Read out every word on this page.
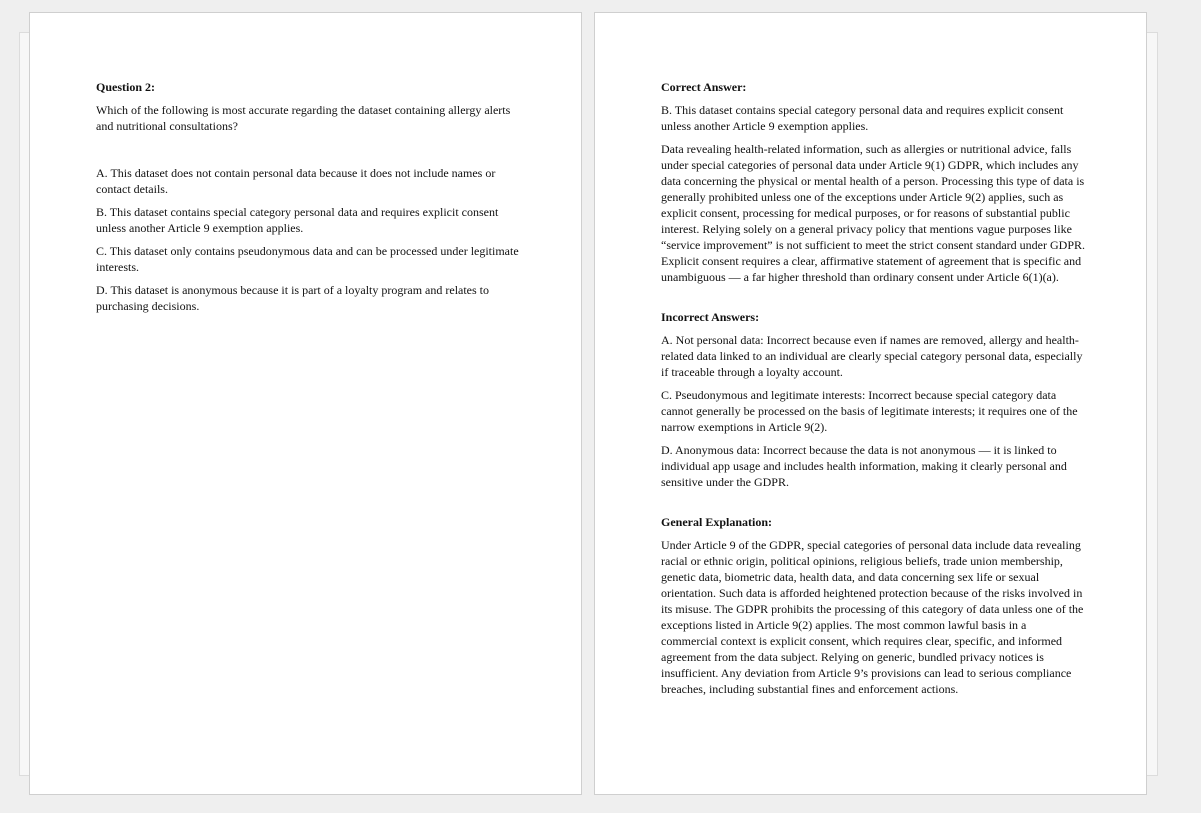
Question 2:

Which of the following is most accurate regarding the dataset containing allergy alerts and nutritional consultations?

A. This dataset does not contain personal data because it does not include names or contact details.

B. This dataset contains special category personal data and requires explicit consent unless another Article 9 exemption applies.

C. This dataset only contains pseudonymous data and can be processed under legitimate interests.

D. This dataset is anonymous because it is part of a loyalty program and relates to purchasing decisions.

Correct Answer:

B. This dataset contains special category personal data and requires explicit consent unless another Article 9 exemption applies.

Data revealing health-related information, such as allergies or nutritional advice, falls under special categories of personal data under Article 9(1) GDPR, which includes any data concerning the physical or mental health of a person. Processing this type of data is generally prohibited unless one of the exceptions under Article 9(2) applies, such as explicit consent, processing for medical purposes, or for reasons of substantial public interest. Relying solely on a general privacy policy that mentions vague purposes like “service improvement” is not sufficient to meet the strict consent standard under GDPR. Explicit consent requires a clear, affirmative statement of agreement that is specific and unambiguous — a far higher threshold than ordinary consent under Article 6(1)(a).

Incorrect Answers:

A. Not personal data: Incorrect because even if names are removed, allergy and health-related data linked to an individual are clearly special category personal data, especially if traceable through a loyalty account.

C. Pseudonymous and legitimate interests: Incorrect because special category data cannot generally be processed on the basis of legitimate interests; it requires one of the narrow exemptions in Article 9(2).

D. Anonymous data: Incorrect because the data is not anonymous — it is linked to individual app usage and includes health information, making it clearly personal and sensitive under the GDPR.

General Explanation:

Under Article 9 of the GDPR, special categories of personal data include data revealing racial or ethnic origin, political opinions, religious beliefs, trade union membership, genetic data, biometric data, health data, and data concerning sex life or sexual orientation. Such data is afforded heightened protection because of the risks involved in its misuse. The GDPR prohibits the processing of this category of data unless one of the exceptions listed in Article 9(2) applies. The most common lawful basis in a commercial context is explicit consent, which requires clear, specific, and informed agreement from the data subject. Relying on generic, bundled privacy notices is insufficient. Any deviation from Article 9’s provisions can lead to serious compliance breaches, including substantial fines and enforcement actions.
